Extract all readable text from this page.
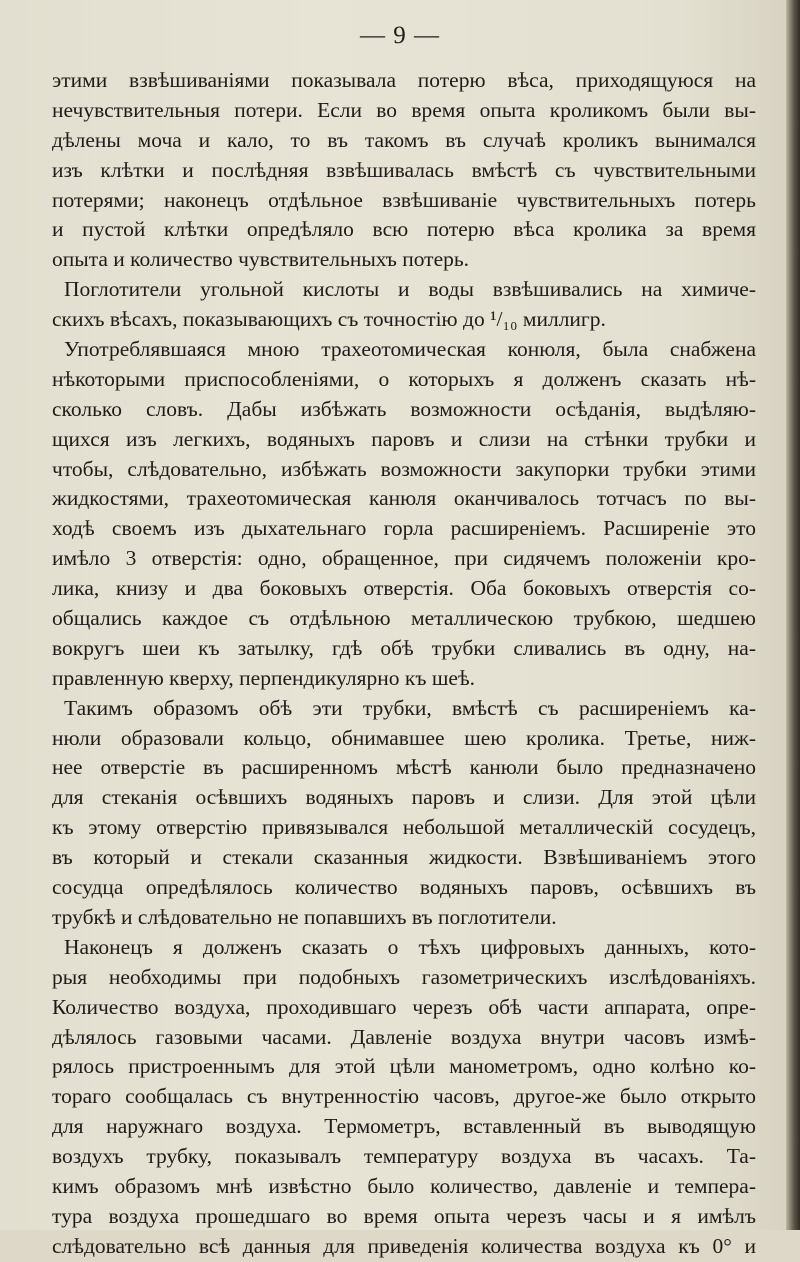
— 9 —
этими взвѣшиваніями показывала потерю вѣса, приходящуюся на
нечувствительныя потери. Если во время опыта кроликомъ были вы-
дѣлены моча и кало, то въ такомъ въ случаѣ кроликъ вынимался
изъ клѣтки и послѣдняя взвѣшивалась вмѣстѣ съ чувствительными
потерями; наконецъ отдѣльное взвѣшиваніе чувствительныхъ потерь
и пустой клѣтки опредѣляло всю потерю вѣса кролика за время
опыта и количество чувствительныхъ потерь.
Поглотители угольной кислоты и воды взвѣшивались на химиче-
скихъ вѣсахъ, показывающихъ съ точностію до ¹/₁₀ миллигр.
Употреблявшаяся мною трахеотомическая конюля, была снабжена
нѣкоторыми приспособленіями, о которыхъ я долженъ сказать нѣ-
сколько словъ. Дабы избѣжать возможности осѣданія, выдѣляю-
щихся изъ легкихъ, водяныхъ паровъ и слизи на стѣнки трубки и
чтобы, слѣдовательно, избѣжать возможности закупорки трубки этими
жидкостями, трахеотомическая канюля оканчивалось тотчасъ по вы-
ходѣ своемъ изъ дыхательнаго горла расширеніемъ. Расширеніе это
имѣло 3 отверстія: одно, обращенное, при сидячемъ положеніи кро-
лика, книзу и два боковыхъ отверстія. Оба боковыхъ отверстія со-
общались каждое съ отдѣльною металлическою трубкою, шедшею
вокругъ шеи къ затылку, гдѣ обѣ трубки сливались въ одну, на-
правленную кверху, перпендикулярно къ шеѣ.
Такимъ образомъ обѣ эти трубки, вмѣстѣ съ расширеніемъ ка-
нюли образовали кольцо, обнимавшее шею кролика. Третье, ниж-
нее отверстіе въ расширенномъ мѣстѣ канюли было предназначено
для стеканія осѣвшихъ водяныхъ паровъ и слизи. Для этой цѣли
къ этому отверстію привязывался небольшой металлическій сосудецъ,
въ который и стекали сказанныя жидкости. Взвѣшиваніемъ этого
сосудца опредѣлялось количество водяныхъ паровъ, осѣвшихъ въ
трубкѣ и слѣдовательно не попавшихъ въ поглотители.
Наконецъ я долженъ сказать о тѣхъ цифровыхъ данныхъ, кото-
рыя необходимы при подобныхъ газометрическихъ изслѣдованіяхъ.
Количество воздуха, проходившаго черезъ обѣ части аппарата, опре-
дѣлялось газовыми часами. Давленіе воздуха внутри часовъ измѣ-
рялось пристроеннымъ для этой цѣли манометромъ, одно колѣно ко-
тораго сообщалась съ внутренностію часовъ, другое-же было открыто
для наружнаго воздуха. Термометръ, вставленный въ выводящую
воздухъ трубку, показывалъ температуру воздуха въ часахъ. Та-
кимъ образомъ мнѣ извѣстно было количество, давленіе и темпера-
тура воздуха прошедшаго во время опыта черезъ часы и я имѣлъ
слѣдовательно всѣ данныя для приведенія количества воздуха къ 0° и
